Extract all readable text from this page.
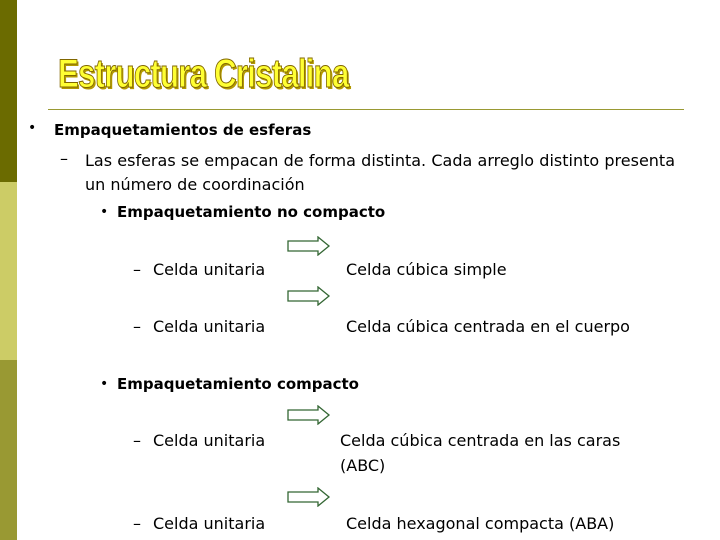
Estructura Cristalina
• Empaquetamientos de esferas
– Las esferas se empacan de forma distinta. Cada arreglo distinto presenta un número de coordinación
• Empaquetamiento no compacto
– Celda unitaria	Celda cúbica simple
– Celda unitaria	Celda cúbica centrada en el cuerpo
• Empaquetamiento compacto
– Celda unitaria	Celda cúbica centrada en las caras
(ABC)
– Celda unitaria	Celda hexagonal compacta (ABA)
